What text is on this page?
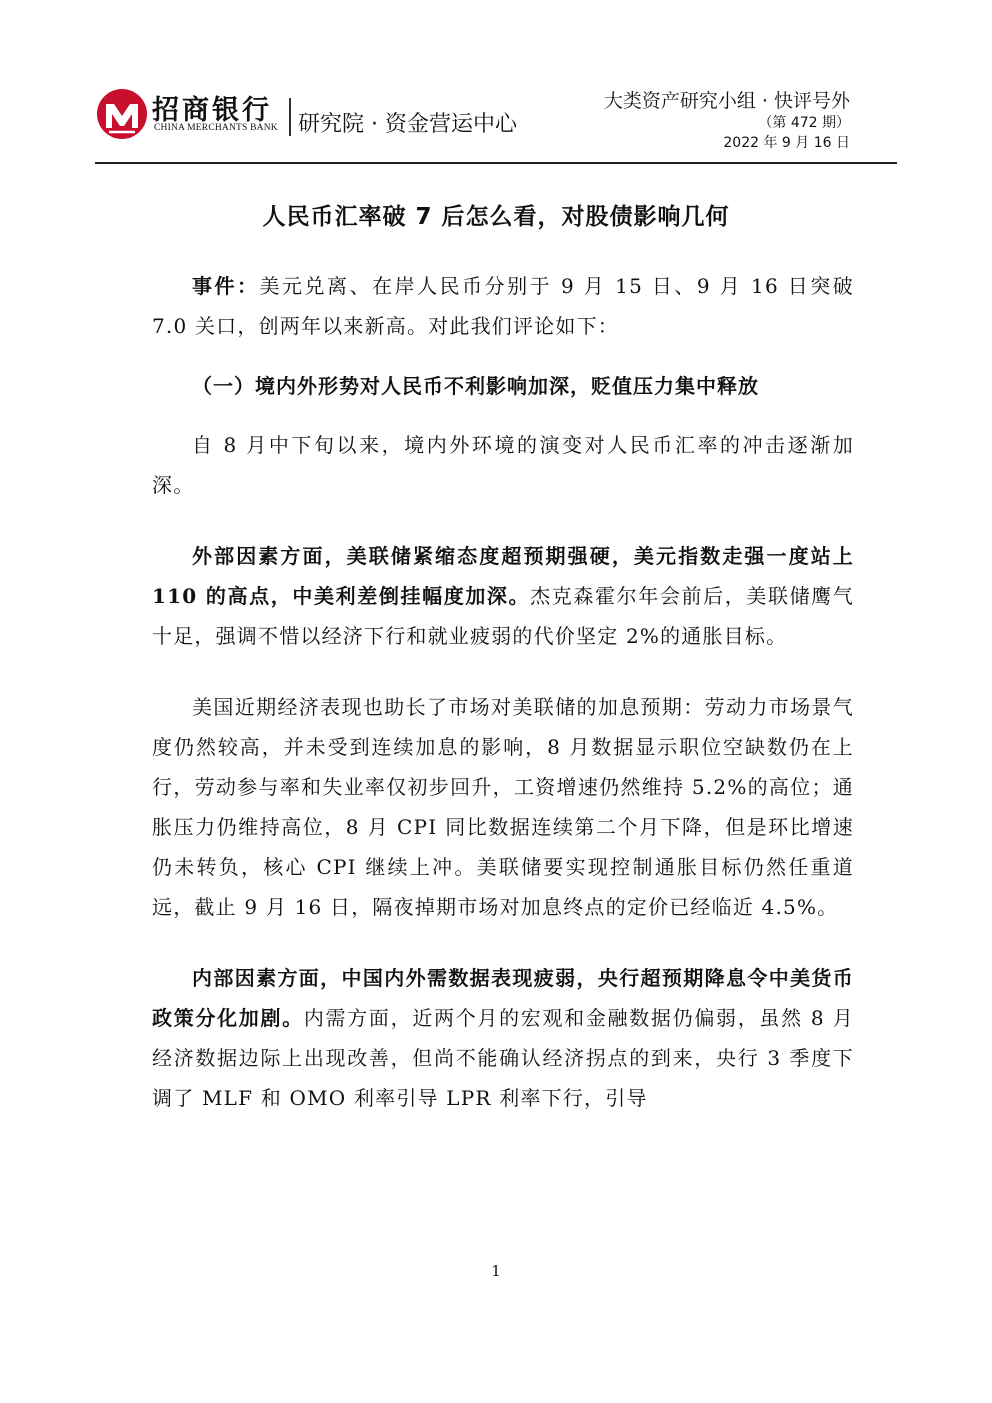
招商银行
CHINA MERCHANTS BANK 研究院 · 资金营运中心
大类资产研究小组 · 快评号外
（第 472 期）
2022 年 9 月 16 日
人民币汇率破 7 后怎么看，对股债影响几何

事件：美元兑离、在岸人民币分别于 9 月 15 日、9 月 16 日突破 7.0 关口，创两年以来新高。对此我们评论如下：

（一）境内外形势对人民币不利影响加深，贬值压力集中释放

自 8 月中下旬以来，境内外环境的演变对人民币汇率的冲击逐渐加深。

外部因素方面，美联储紧缩态度超预期强硬，美元指数走强一度站上 110 的高点，中美利差倒挂幅度加深。杰克森霍尔年会前后，美联储鹰气十足，强调不惜以经济下行和就业疲弱的代价坚定 2%的通胀目标。

美国近期经济表现也助长了市场对美联储的加息预期：劳动力市场景气度仍然较高，并未受到连续加息的影响，8 月数据显示职位空缺数仍在上行，劳动参与率和失业率仅初步回升，工资增速仍然维持 5.2%的高位；通胀压力仍维持高位，8 月 CPI 同比数据连续第二个月下降，但是环比增速仍未转负，核心 CPI 继续上冲。美联储要实现控制通胀目标仍然任重道远，截止 9 月 16 日，隔夜掉期市场对加息终点的定价已经临近 4.5%。

内部因素方面，中国内外需数据表现疲弱，央行超预期降息令中美货币政策分化加剧。内需方面，近两个月的宏观和金融数据仍偏弱，虽然 8 月经济数据边际上出现改善，但尚不能确认经济拐点的到来，央行 3 季度下调了 MLF 和 OMO 利率引导 LPR 利率下行，引导

1
